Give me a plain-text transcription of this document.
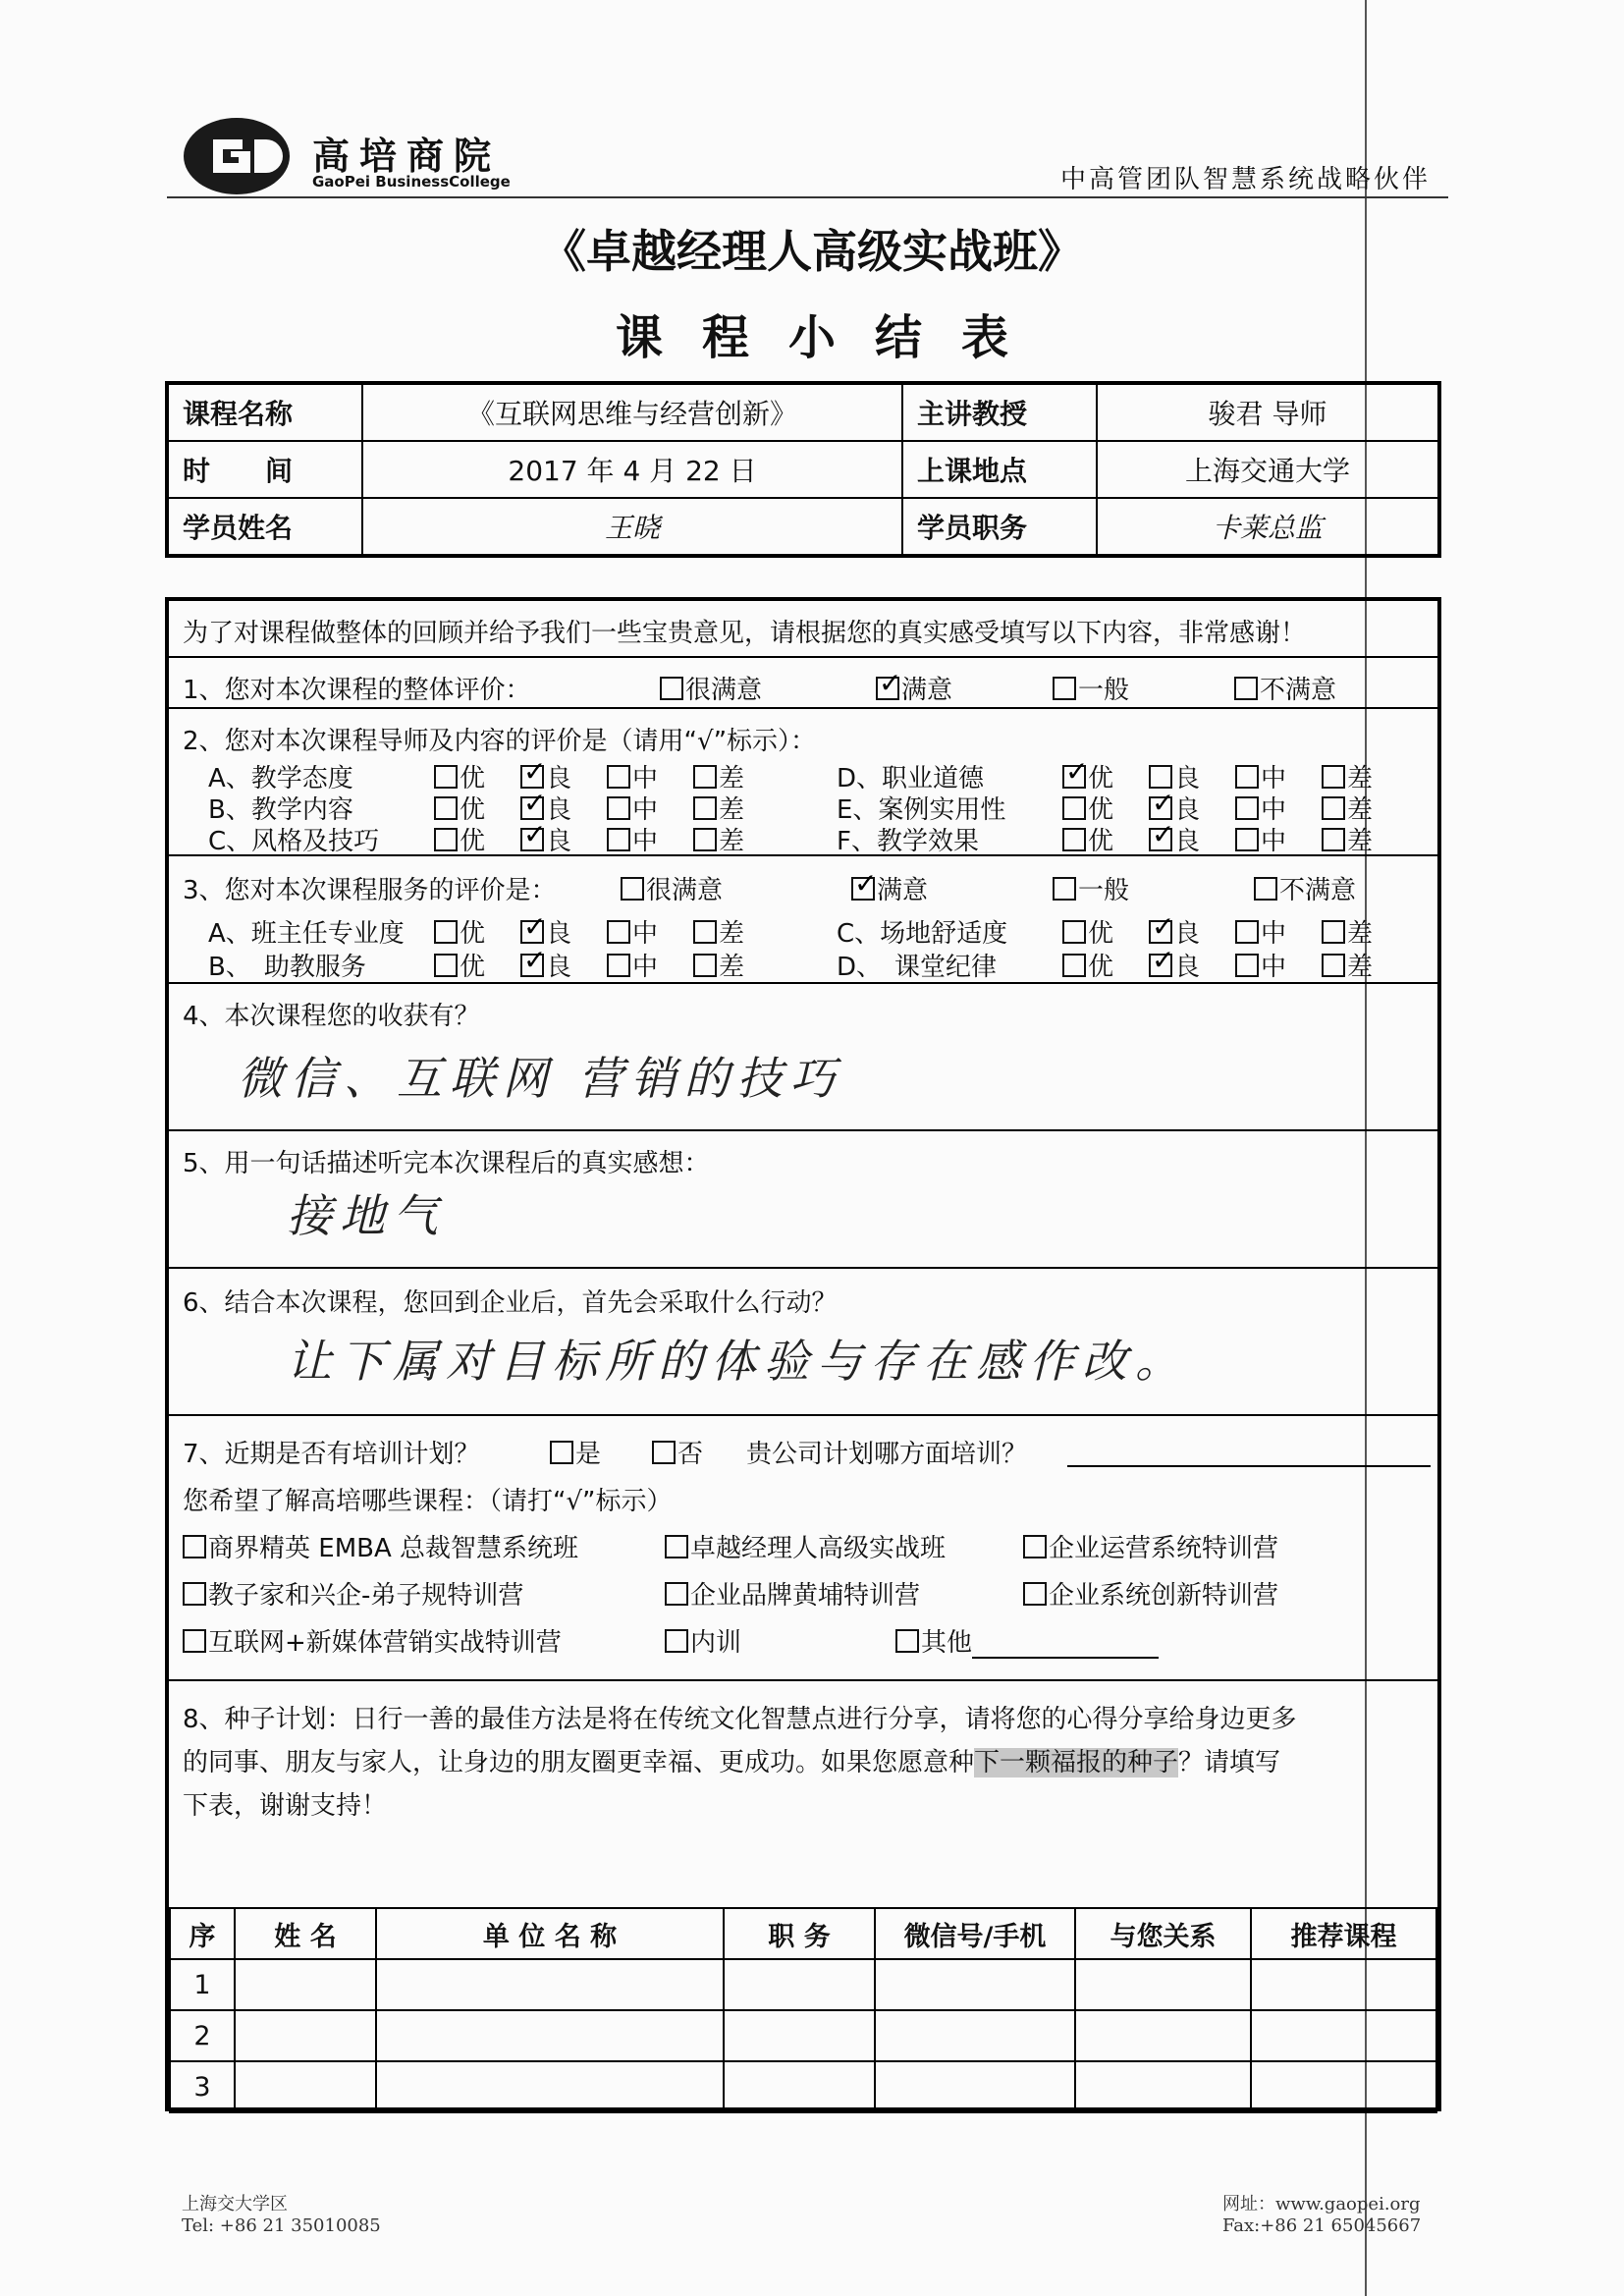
高培商院
GaoPei BusinessCollege	中高管团队智慧系统战略伙伴
《卓越经理人高级实战班》
课程小结表
课程名称	《互联网思维与经营创新》	主讲教授	骏君 导师
时　　间	2017 年 4 月 22 日	上课地点	上海交通大学
学员姓名	王晓	学员职务	卡莱总监
为了对课程做整体的回顾并给予我们一些宝贵意见，请根据您的真实感受填写以下内容，非常感谢！
1、您对本次课程的整体评价：	很满意 ✓	满意	一般	不满意
2、您对本次课程导师及内容的评价是（请用“√”标示）：
A、教学态度	优 ✓	良	中	差
B、教学内容	优 ✓	良	中	差
C、风格及技巧	优 ✓	良	中	差
D、职业道德 ✓	优	良	中	差
E、案例实用性	优 ✓	良	中	差
F、教学效果	优 ✓	良	中	差
3、您对本次课程服务的评价是：	很满意 ✓	满意	一般	不满意
A、班主任专业度	优 ✓	良	中	差
B、　助教服务	优 ✓	良	中	差
C、场地舒适度	优 ✓	良	中	差
D、　课堂纪律	优 ✓	良	中	差
4、本次课程您的收获有？
微信、互联网 营销的技巧
5、用一句话描述听完本次课程后的真实感想：
接地气
6、结合本次课程，您回到企业后，首先会采取什么行动？
让下属对目标所的体验与存在感作改。
7、近期是否有培训计划？	是	否 贵公司计划哪方面培训？
您希望了解高培哪些课程：（请打“√”标示）
商界精英 EMBA 总裁智慧系统班	卓越经理人高级实战班	企业运营系统特训营
教子家和兴企-弟子规特训营	企业品牌黄埔特训营	企业系统创新特训营
互联网+新媒体营销实战特训营	内训	其他
8、种子计划：日行一善的最佳方法是将在传统文化智慧点进行分享，请将您的心得分享给身边更多
的同事、朋友与家人，让身边的朋友圈更幸福、更成功。如果您愿意种下一颗福报的种子？请填写
下表，谢谢支持！
序	姓 名	单 位 名 称	职 务	微信号/手机	与您关系	推荐课程
1						
2						
3						
上海交大学区
Tel: +86 21 35010085
网址：www.gaopei.org
Fax:+86 21 65045667
